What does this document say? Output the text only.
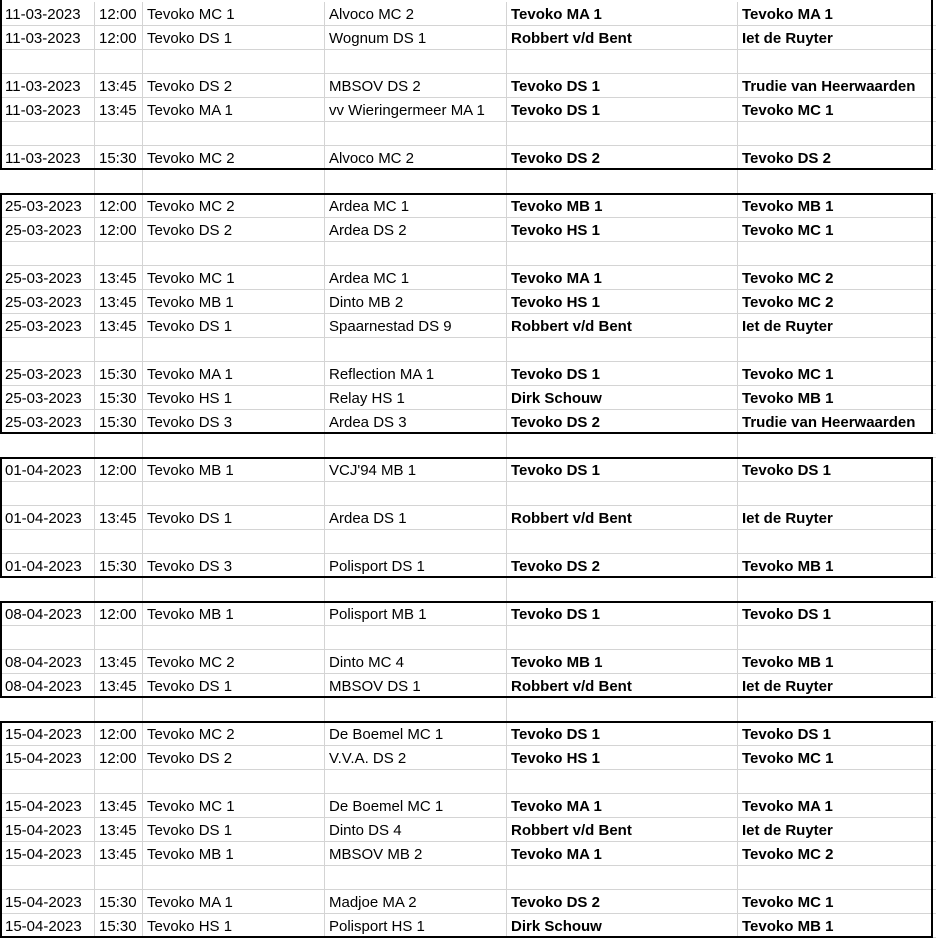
11-03-2023	12:00 Tevoko MC 1	Alvoco MC 2	Tevoko MA 1	Tevoko MA 1
11-03-2023	12:00 Tevoko DS 1	Wognum DS 1	Robbert v/d Bent	Iet de Ruyter
11-03-2023	13:45 Tevoko DS 2	MBSOV DS 2	Tevoko DS 1	Trudie van Heerwaarden
11-03-2023	13:45 Tevoko MA 1	vv Wieringermeer MA 1	Tevoko DS 1	Tevoko MC 1
11-03-2023	15:30 Tevoko MC 2	Alvoco MC 2	Tevoko DS 2	Tevoko DS 2
25-03-2023	12:00 Tevoko MC 2	Ardea MC 1	Tevoko MB 1	Tevoko MB 1
25-03-2023	12:00 Tevoko DS 2	Ardea DS 2	Tevoko HS 1	Tevoko MC 1
25-03-2023	13:45 Tevoko MC 1	Ardea MC 1	Tevoko MA 1	Tevoko MC 2
25-03-2023	13:45 Tevoko MB 1	Dinto MB 2	Tevoko HS 1	Tevoko MC 2
25-03-2023	13:45 Tevoko DS 1	Spaarnestad DS 9	Robbert v/d Bent	Iet de Ruyter
25-03-2023	15:30 Tevoko MA 1	Reflection MA 1	Tevoko DS 1	Tevoko MC 1
25-03-2023	15:30 Tevoko HS 1	Relay HS 1	Dirk Schouw	Tevoko MB 1
25-03-2023	15:30 Tevoko DS 3	Ardea DS 3	Tevoko DS 2	Trudie van Heerwaarden
01-04-2023	12:00 Tevoko MB 1	VCJ'94 MB 1	Tevoko DS 1	Tevoko DS 1
01-04-2023	13:45 Tevoko DS 1	Ardea DS 1	Robbert v/d Bent	Iet de Ruyter
01-04-2023	15:30 Tevoko DS 3	Polisport DS 1	Tevoko DS 2	Tevoko MB 1
08-04-2023	12:00 Tevoko MB 1	Polisport MB 1	Tevoko DS 1	Tevoko DS 1
08-04-2023	13:45 Tevoko MC 2	Dinto MC 4	Tevoko MB 1	Tevoko MB 1
08-04-2023	13:45 Tevoko DS 1	MBSOV DS 1	Robbert v/d Bent	Iet de Ruyter
15-04-2023	12:00 Tevoko MC 2	De Boemel MC 1	Tevoko DS 1	Tevoko DS 1
15-04-2023	12:00 Tevoko DS 2	V.V.A. DS 2	Tevoko HS 1	Tevoko MC 1
15-04-2023	13:45 Tevoko MC 1	De Boemel MC 1	Tevoko MA 1	Tevoko MA 1
15-04-2023	13:45 Tevoko DS 1	Dinto DS 4	Robbert v/d Bent	Iet de Ruyter
15-04-2023	13:45 Tevoko MB 1	MBSOV MB 2	Tevoko MA 1	Tevoko MC 2
15-04-2023	15:30 Tevoko MA 1	Madjoe MA 2	Tevoko DS 2	Tevoko MC 1
15-04-2023	15:30 Tevoko HS 1	Polisport HS 1	Dirk Schouw	Tevoko MB 1
